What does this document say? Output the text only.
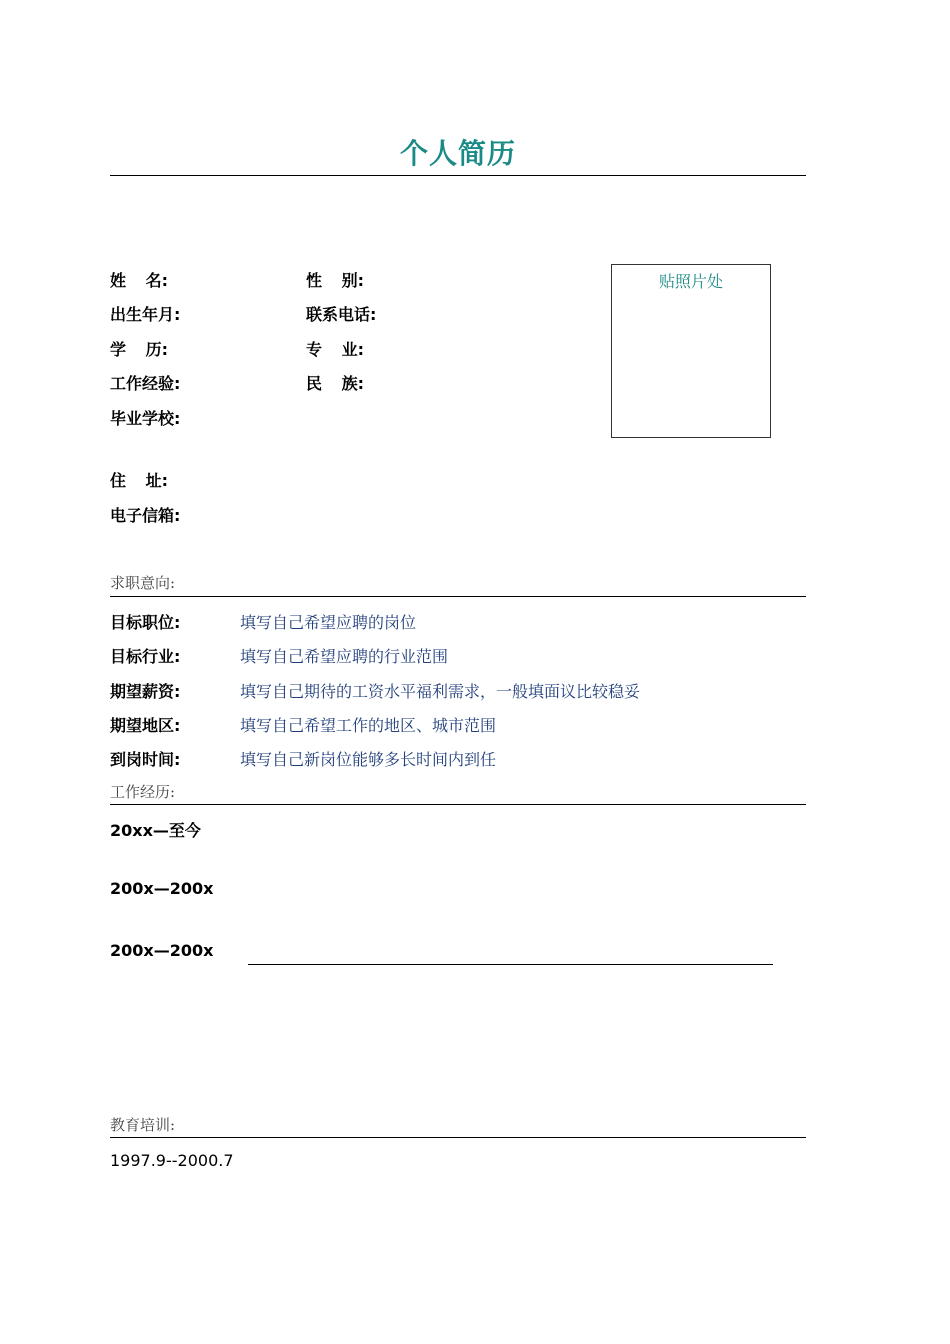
个人简历
姓 名:	性 别:
出生年月:	联系电话:
学 历:	专 业:
工作经验:	民 族:
毕业学校:
住 址:
电子信箱:
贴照片处
求职意向:
目标职位:	填写自己希望应聘的岗位
目标行业:	填写自己希望应聘的行业范围
期望薪资:	填写自己期待的工资水平福利需求，一般填面议比较稳妥
期望地区:	填写自己希望工作的地区、城市范围
到岗时间:	填写自己新岗位能够多长时间内到任
工作经历:
20xx—至今
200x—200x
200x—200x
教育培训:
1997.9--2000.7
